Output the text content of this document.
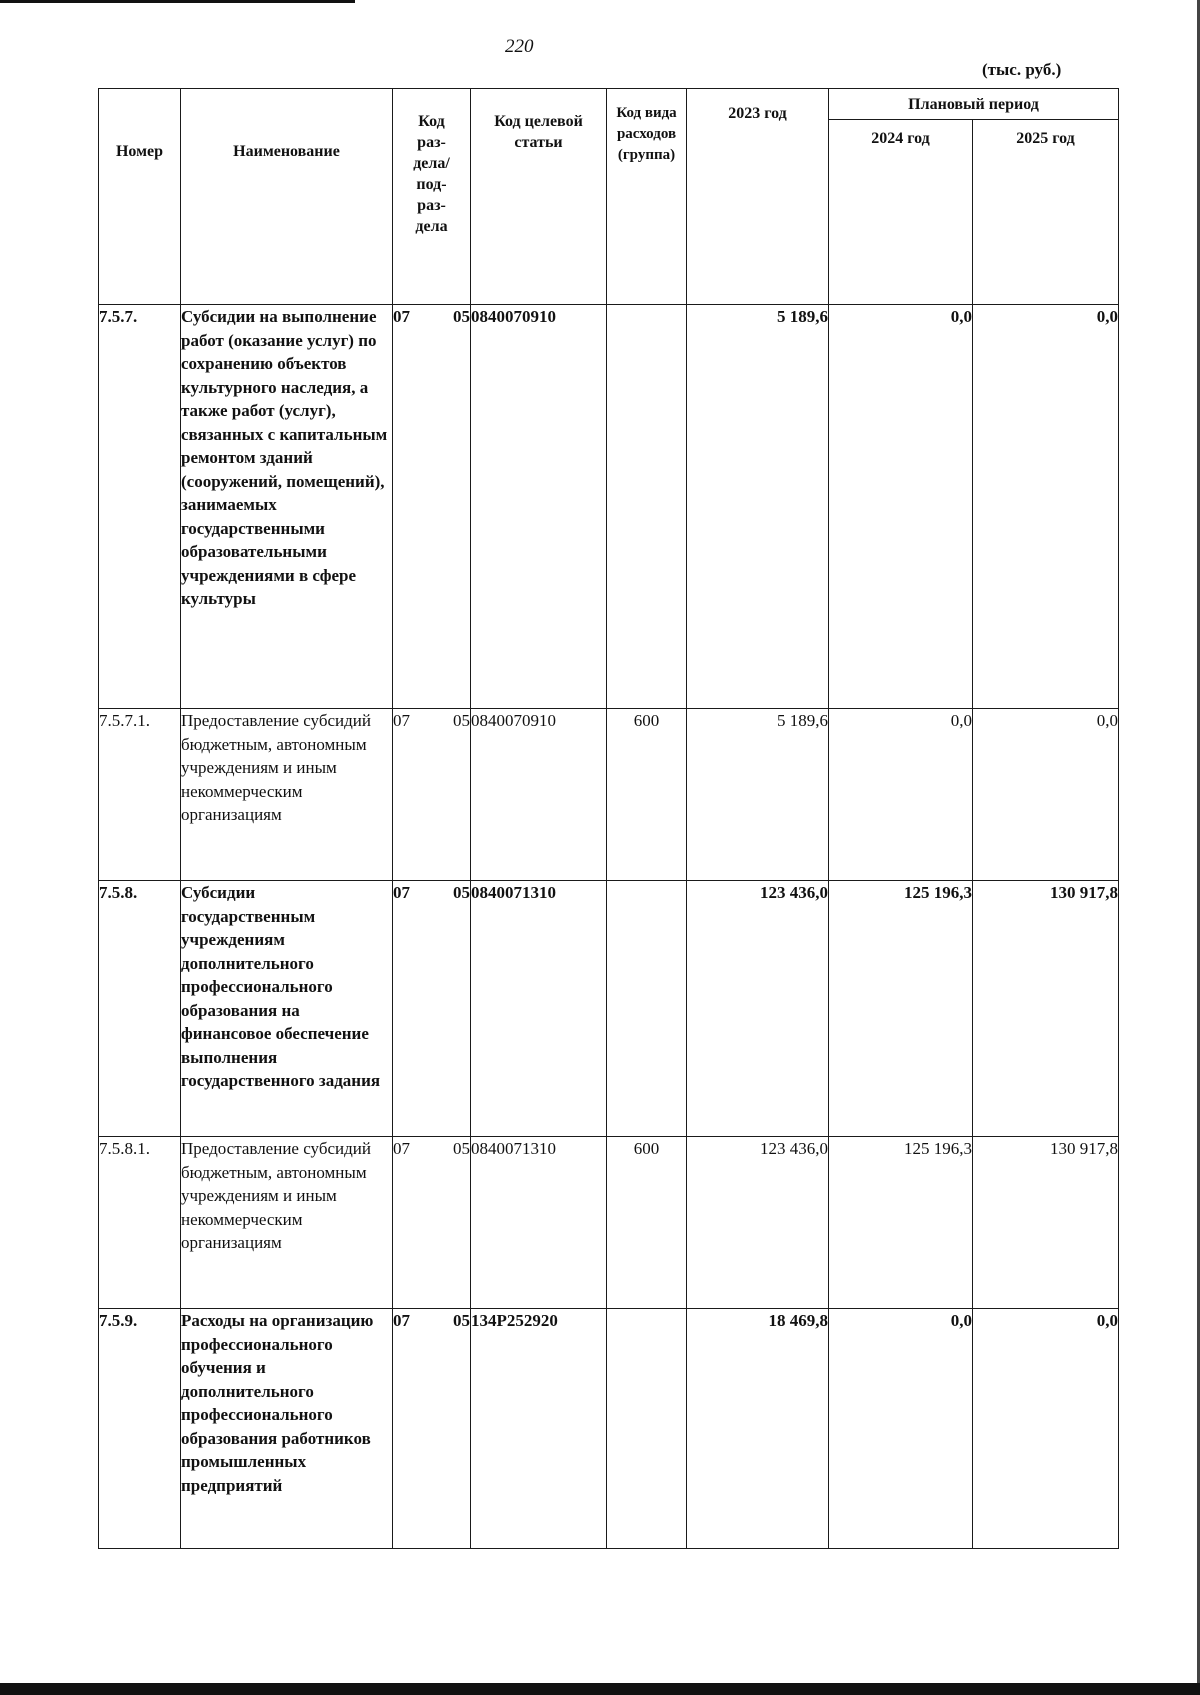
220
(тыс. руб.)
Номер	Наименование	Код раз-дела/ под-раз-дела	Код целевой статьи	Код вида расходов (группа)	2023 год	Плановый период	
						2024 год	2025 год
7.5.7.	Субсидии на выполнение работ (оказание услуг) по сохранению объектов культурного наследия, а также работ (услуг), связанных с капитальным ремонтом зданий (сооружений, помещений), занимаемых государственными образовательными учреждениями в сфере культуры	07 05	0840070910		5 189,6	0,0	0,0
7.5.7.1.	Предоставление субсидий бюджетным, автономным учреждениям и иным некоммерческим организациям	07 05	0840070910	600	5 189,6	0,0	0,0
7.5.8.	Субсидии государственным учреждениям дополнительного профессионального образования на финансовое обеспечение выполнения государственного задания	07 05	0840071310		123 436,0	125 196,3	130 917,8
7.5.8.1.	Предоставление субсидий бюджетным, автономным учреждениям и иным некоммерческим организациям	07 05	0840071310	600	123 436,0	125 196,3	130 917,8
7.5.9.	Расходы на организацию профессионального обучения и дополнительного профессионального образования работников промышленных предприятий	07 05	134P252920		18 469,8	0,0	0,0
